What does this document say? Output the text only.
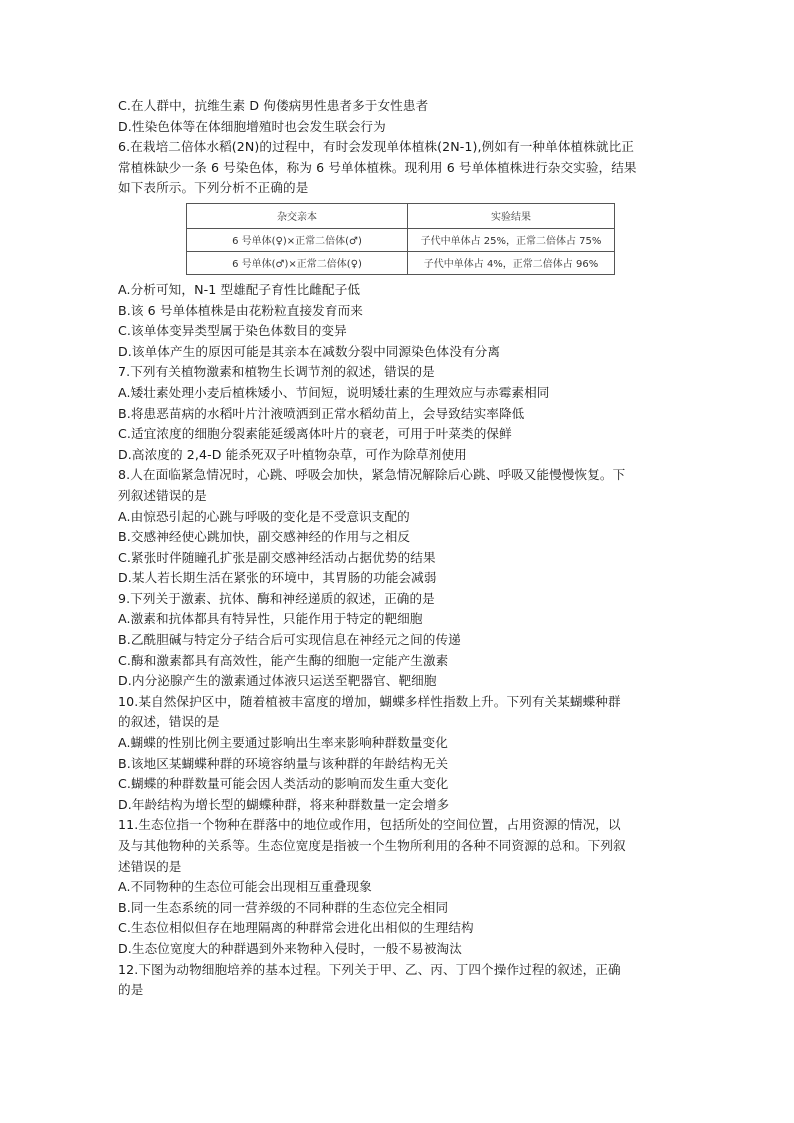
C.在人群中，抗维生素 D 佝偻病男性患者多于女性患者
D.性染色体等在体细胞增殖时也会发生联会行为
6.在栽培二倍体水稻(2N)的过程中，有时会发现单体植株(2N-1),例如有一种单体植株就比正
常植株缺少一条 6 号染色体，称为 6 号单体植株。现利用 6 号单体植株进行杂交实验，结果
如下表所示。下列分析不正确的是
杂交亲本	实验结果
6 号单体(♀)×正常二倍体(♂)	子代中单体占 25%，正常二倍体占 75%
6 号单体(♂)×正常二倍体(♀)	子代中单体占 4%，正常二倍体占 96%
A.分析可知，N-1 型雄配子育性比雌配子低
B.该 6 号单体植株是由花粉粒直接发育而来
C.该单体变异类型属于染色体数目的变异
D.该单体产生的原因可能是其亲本在减数分裂中同源染色体没有分离
7.下列有关植物激素和植物生长调节剂的叙述，错误的是
A.矮壮素处理小麦后植株矮小、节间短，说明矮壮素的生理效应与赤霉素相同
B.将患恶苗病的水稻叶片汁液喷洒到正常水稻幼苗上，会导致结实率降低
C.适宜浓度的细胞分裂素能延缓离体叶片的衰老，可用于叶菜类的保鲜
D.高浓度的 2,4-D 能杀死双子叶植物杂草，可作为除草剂使用
8.人在面临紧急情况时，心跳、呼吸会加快，紧急情况解除后心跳、呼吸又能慢慢恢复。下
列叙述错误的是
A.由惊恐引起的心跳与呼吸的变化是不受意识支配的
B.交感神经使心跳加快，副交感神经的作用与之相反
C.紧张时伴随瞳孔扩张是副交感神经活动占据优势的结果
D.某人若长期生活在紧张的环境中，其胃肠的功能会减弱
9.下列关于激素、抗体、酶和神经递质的叙述，正确的是
A.激素和抗体都具有特异性，只能作用于特定的靶细胞
B.乙酰胆碱与特定分子结合后可实现信息在神经元之间的传递
C.酶和激素都具有高效性，能产生酶的细胞一定能产生激素
D.内分泌腺产生的激素通过体液只运送至靶器官、靶细胞
10.某自然保护区中，随着植被丰富度的增加，蝴蝶多样性指数上升。下列有关某蝴蝶种群
的叙述，错误的是
A.蝴蝶的性别比例主要通过影响出生率来影响种群数量变化
B.该地区某蝴蝶种群的环境容纳量与该种群的年龄结构无关
C.蝴蝶的种群数量可能会因人类活动的影响而发生重大变化
D.年龄结构为增长型的蝴蝶种群，将来种群数量一定会增多
11.生态位指一个物种在群落中的地位或作用，包括所处的空间位置，占用资源的情况，以
及与其他物种的关系等。生态位宽度是指被一个生物所利用的各种不同资源的总和。下列叙
述错误的是
A.不同物种的生态位可能会出现相互重叠现象
B.同一生态系统的同一营养级的不同种群的生态位完全相同
C.生态位相似但存在地理隔离的种群常会进化出相似的生理结构
D.生态位宽度大的种群遇到外来物种入侵时，一般不易被淘汰
12.下图为动物细胞培养的基本过程。下列关于甲、乙、丙、丁四个操作过程的叙述，正确
的是
